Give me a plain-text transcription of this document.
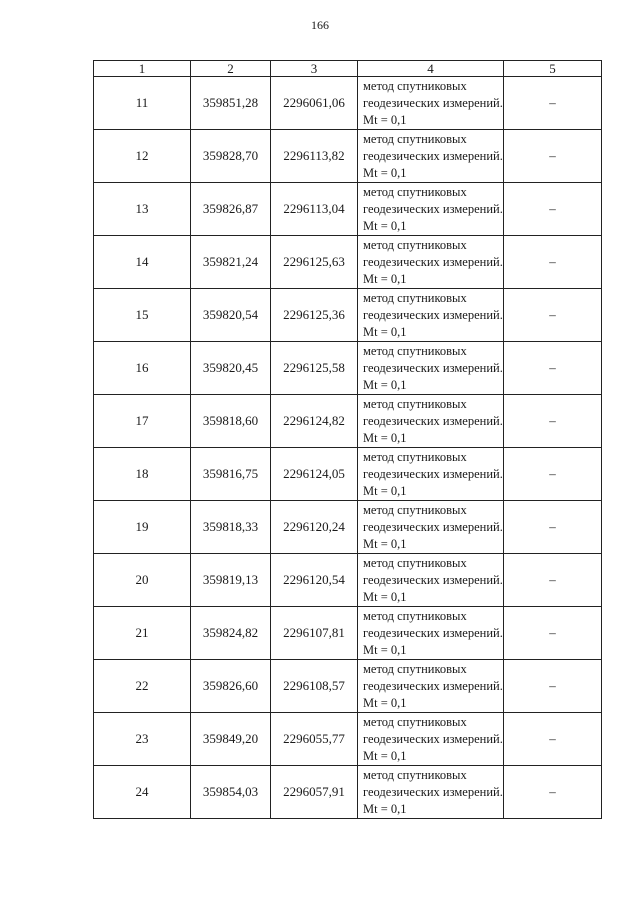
166
1	2	3	4	5
11	359851,28	2296061,06	метод спутниковых геодезических измерений. Mt = 0,1	–
12	359828,70	2296113,82	метод спутниковых геодезических измерений. Mt = 0,1	–
13	359826,87	2296113,04	метод спутниковых геодезических измерений. Mt = 0,1	–
14	359821,24	2296125,63	метод спутниковых геодезических измерений. Mt = 0,1	–
15	359820,54	2296125,36	метод спутниковых геодезических измерений. Mt = 0,1	–
16	359820,45	2296125,58	метод спутниковых геодезических измерений. Mt = 0,1	–
17	359818,60	2296124,82	метод спутниковых геодезических измерений. Mt = 0,1	–
18	359816,75	2296124,05	метод спутниковых геодезических измерений. Mt = 0,1	–
19	359818,33	2296120,24	метод спутниковых геодезических измерений. Mt = 0,1	–
20	359819,13	2296120,54	метод спутниковых геодезических измерений. Mt = 0,1	–
21	359824,82	2296107,81	метод спутниковых геодезических измерений. Mt = 0,1	–
22	359826,60	2296108,57	метод спутниковых геодезических измерений. Mt = 0,1	–
23	359849,20	2296055,77	метод спутниковых геодезических измерений. Mt = 0,1	–
24	359854,03	2296057,91	метод спутниковых геодезических измерений. Mt = 0,1	–
